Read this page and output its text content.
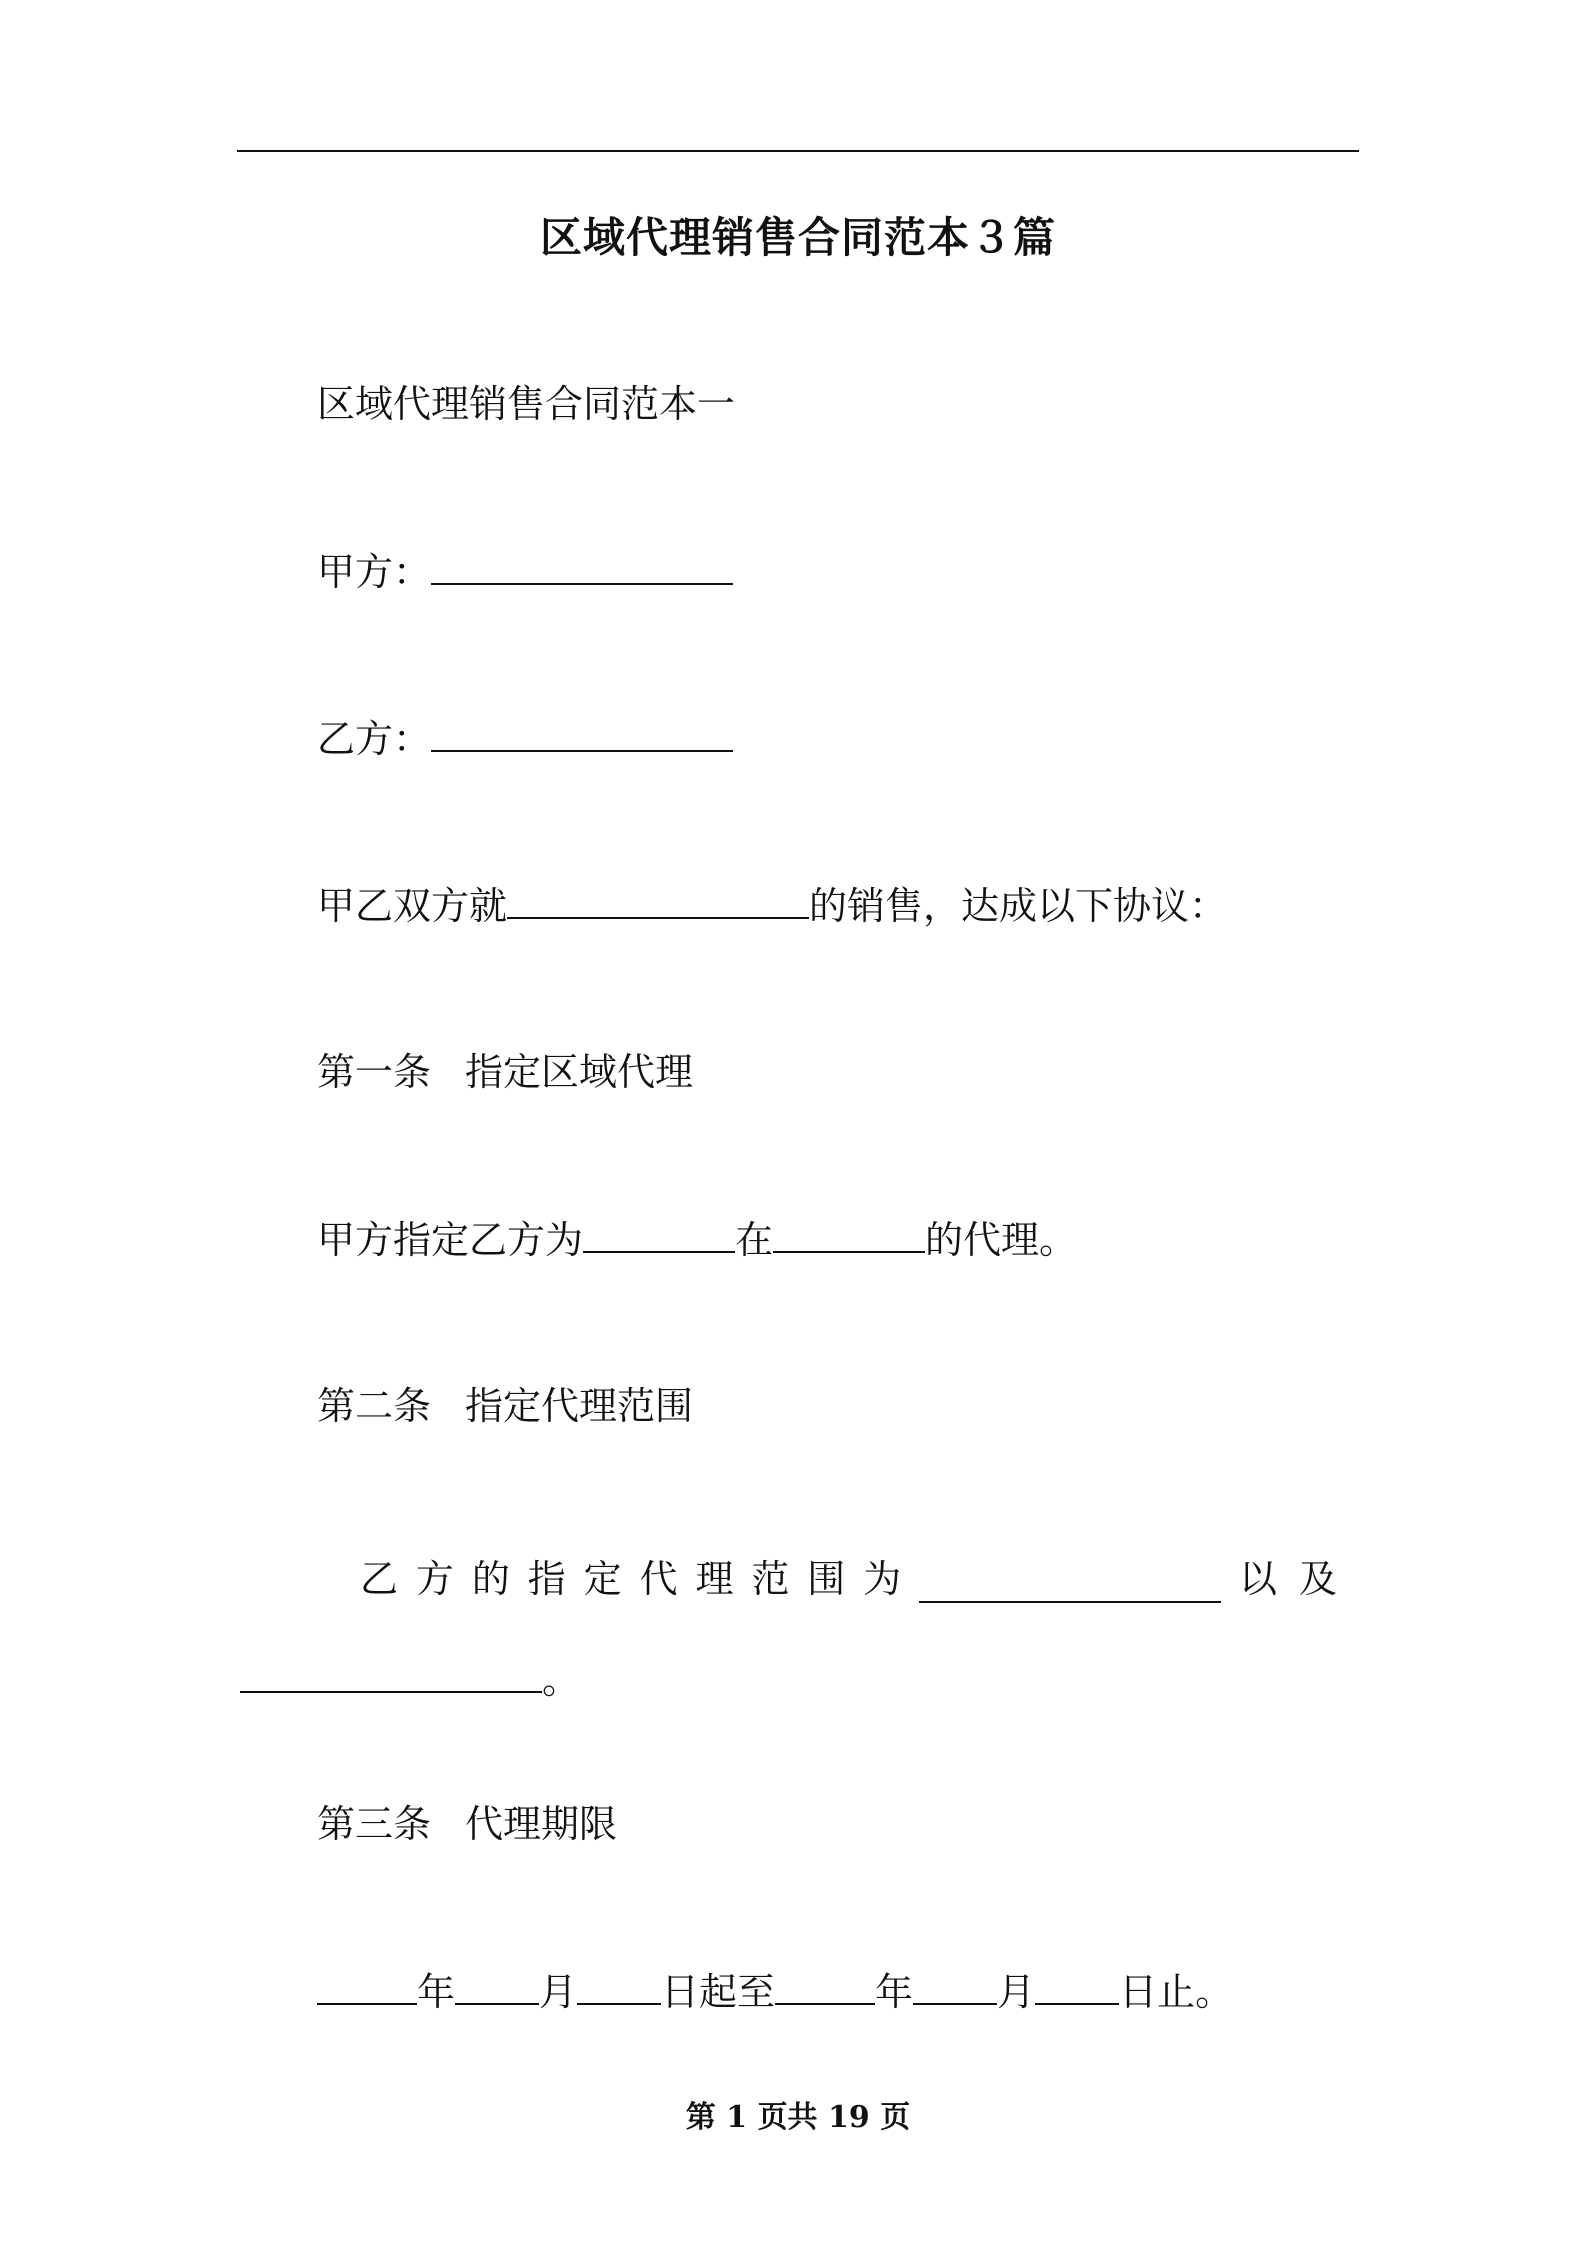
区域代理销售合同范本３篇
区域代理销售合同范本一
甲方：
乙方：
甲乙双方就	的销售，达成以下协议：
第一条 指定区域代理
甲方指定乙方为	在	的代理。
第二条 指定代理范围
乙 方 的 指 定 代 理 范 围 为	以及
。
第三条 代理期限
年 月 日起至	年 月 日止。
第 1 页共 19 页
